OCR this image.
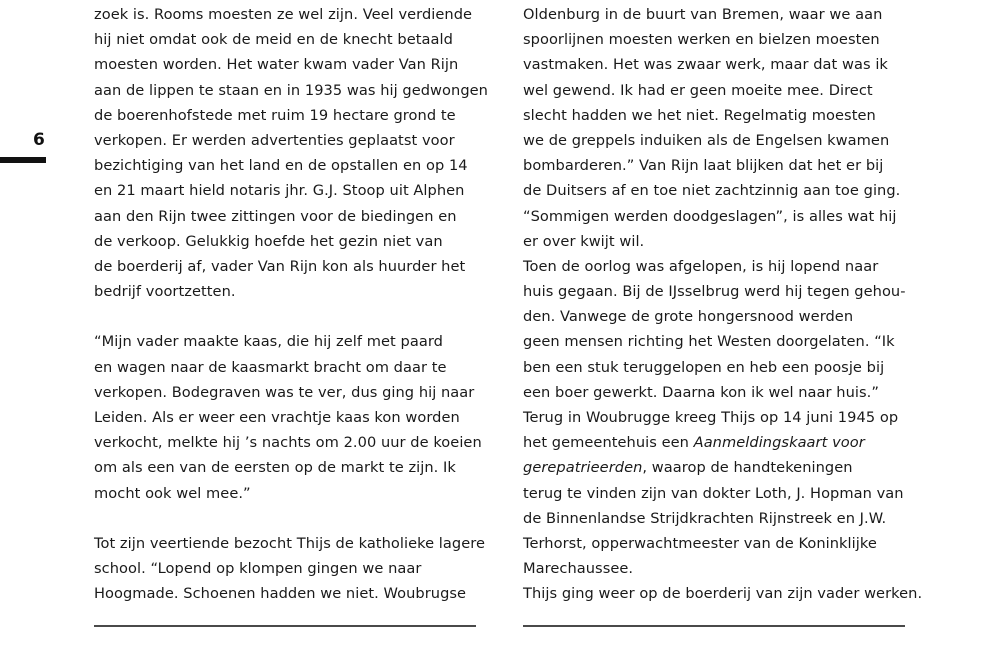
6
zoek is. Rooms moesten ze wel zijn. Veel verdiende
hij niet omdat ook de meid en de knecht betaald
moesten worden. Het water kwam vader Van Rijn
aan de lippen te staan en in 1935 was hij gedwongen
de boerenhofstede met ruim 19 hectare grond te
verkopen. Er werden advertenties geplaatst voor
bezichtiging van het land en de opstallen en op 14
en 21 maart hield notaris jhr. G.J. Stoop uit Alphen
aan den Rijn twee zittingen voor de biedingen en
de verkoop. Gelukkig hoefde het gezin niet van
de boerderij af, vader Van Rijn kon als huurder het
bedrijf voortzetten.
“Mijn vader maakte kaas, die hij zelf met paard
en wagen naar de kaasmarkt bracht om daar te
verkopen. Bodegraven was te ver, dus ging hij naar
Leiden. Als er weer een vrachtje kaas kon worden
verkocht, melkte hij ’s nachts om 2.00 uur de koeien
om als een van de eersten op de markt te zijn. Ik
mocht ook wel mee.”
Tot zijn veertiende bezocht Thijs de katholieke lagere
school. “Lopend op klompen gingen we naar
Hoogmade. Schoenen hadden we niet. Woubrugse
Oldenburg in de buurt van Bremen, waar we aan
spoorlijnen moesten werken en bielzen moesten
vastmaken. Het was zwaar werk, maar dat was ik
wel gewend. Ik had er geen moeite mee. Direct
slecht hadden we het niet. Regelmatig moesten
we de greppels induiken als de Engelsen kwamen
bombarderen.” Van Rijn laat blijken dat het er bij
de Duitsers af en toe niet zachtzinnig aan toe ging.
“Sommigen werden doodgeslagen”, is alles wat hij
er over kwijt wil.
Toen de oorlog was afgelopen, is hij lopend naar
huis gegaan. Bij de IJsselbrug werd hij tegen gehou-
den. Vanwege de grote hongersnood werden
geen mensen richting het Westen doorgelaten. “Ik
ben een stuk teruggelopen en heb een poosje bij
een boer gewerkt. Daarna kon ik wel naar huis.”
Terug in Woubrugge kreeg Thijs op 14 juni 1945 op
het gemeentehuis een Aanmeldingskaart voor
gerepatrieerden, waarop de handtekeningen
terug te vinden zijn van dokter Loth, J. Hopman van
de Binnenlandse Strijdkrachten Rijnstreek en J.W.
Terhorst, opperwachtmeester van de Koninklijke
Marechaussee.
Thijs ging weer op de boerderij van zijn vader werken.
